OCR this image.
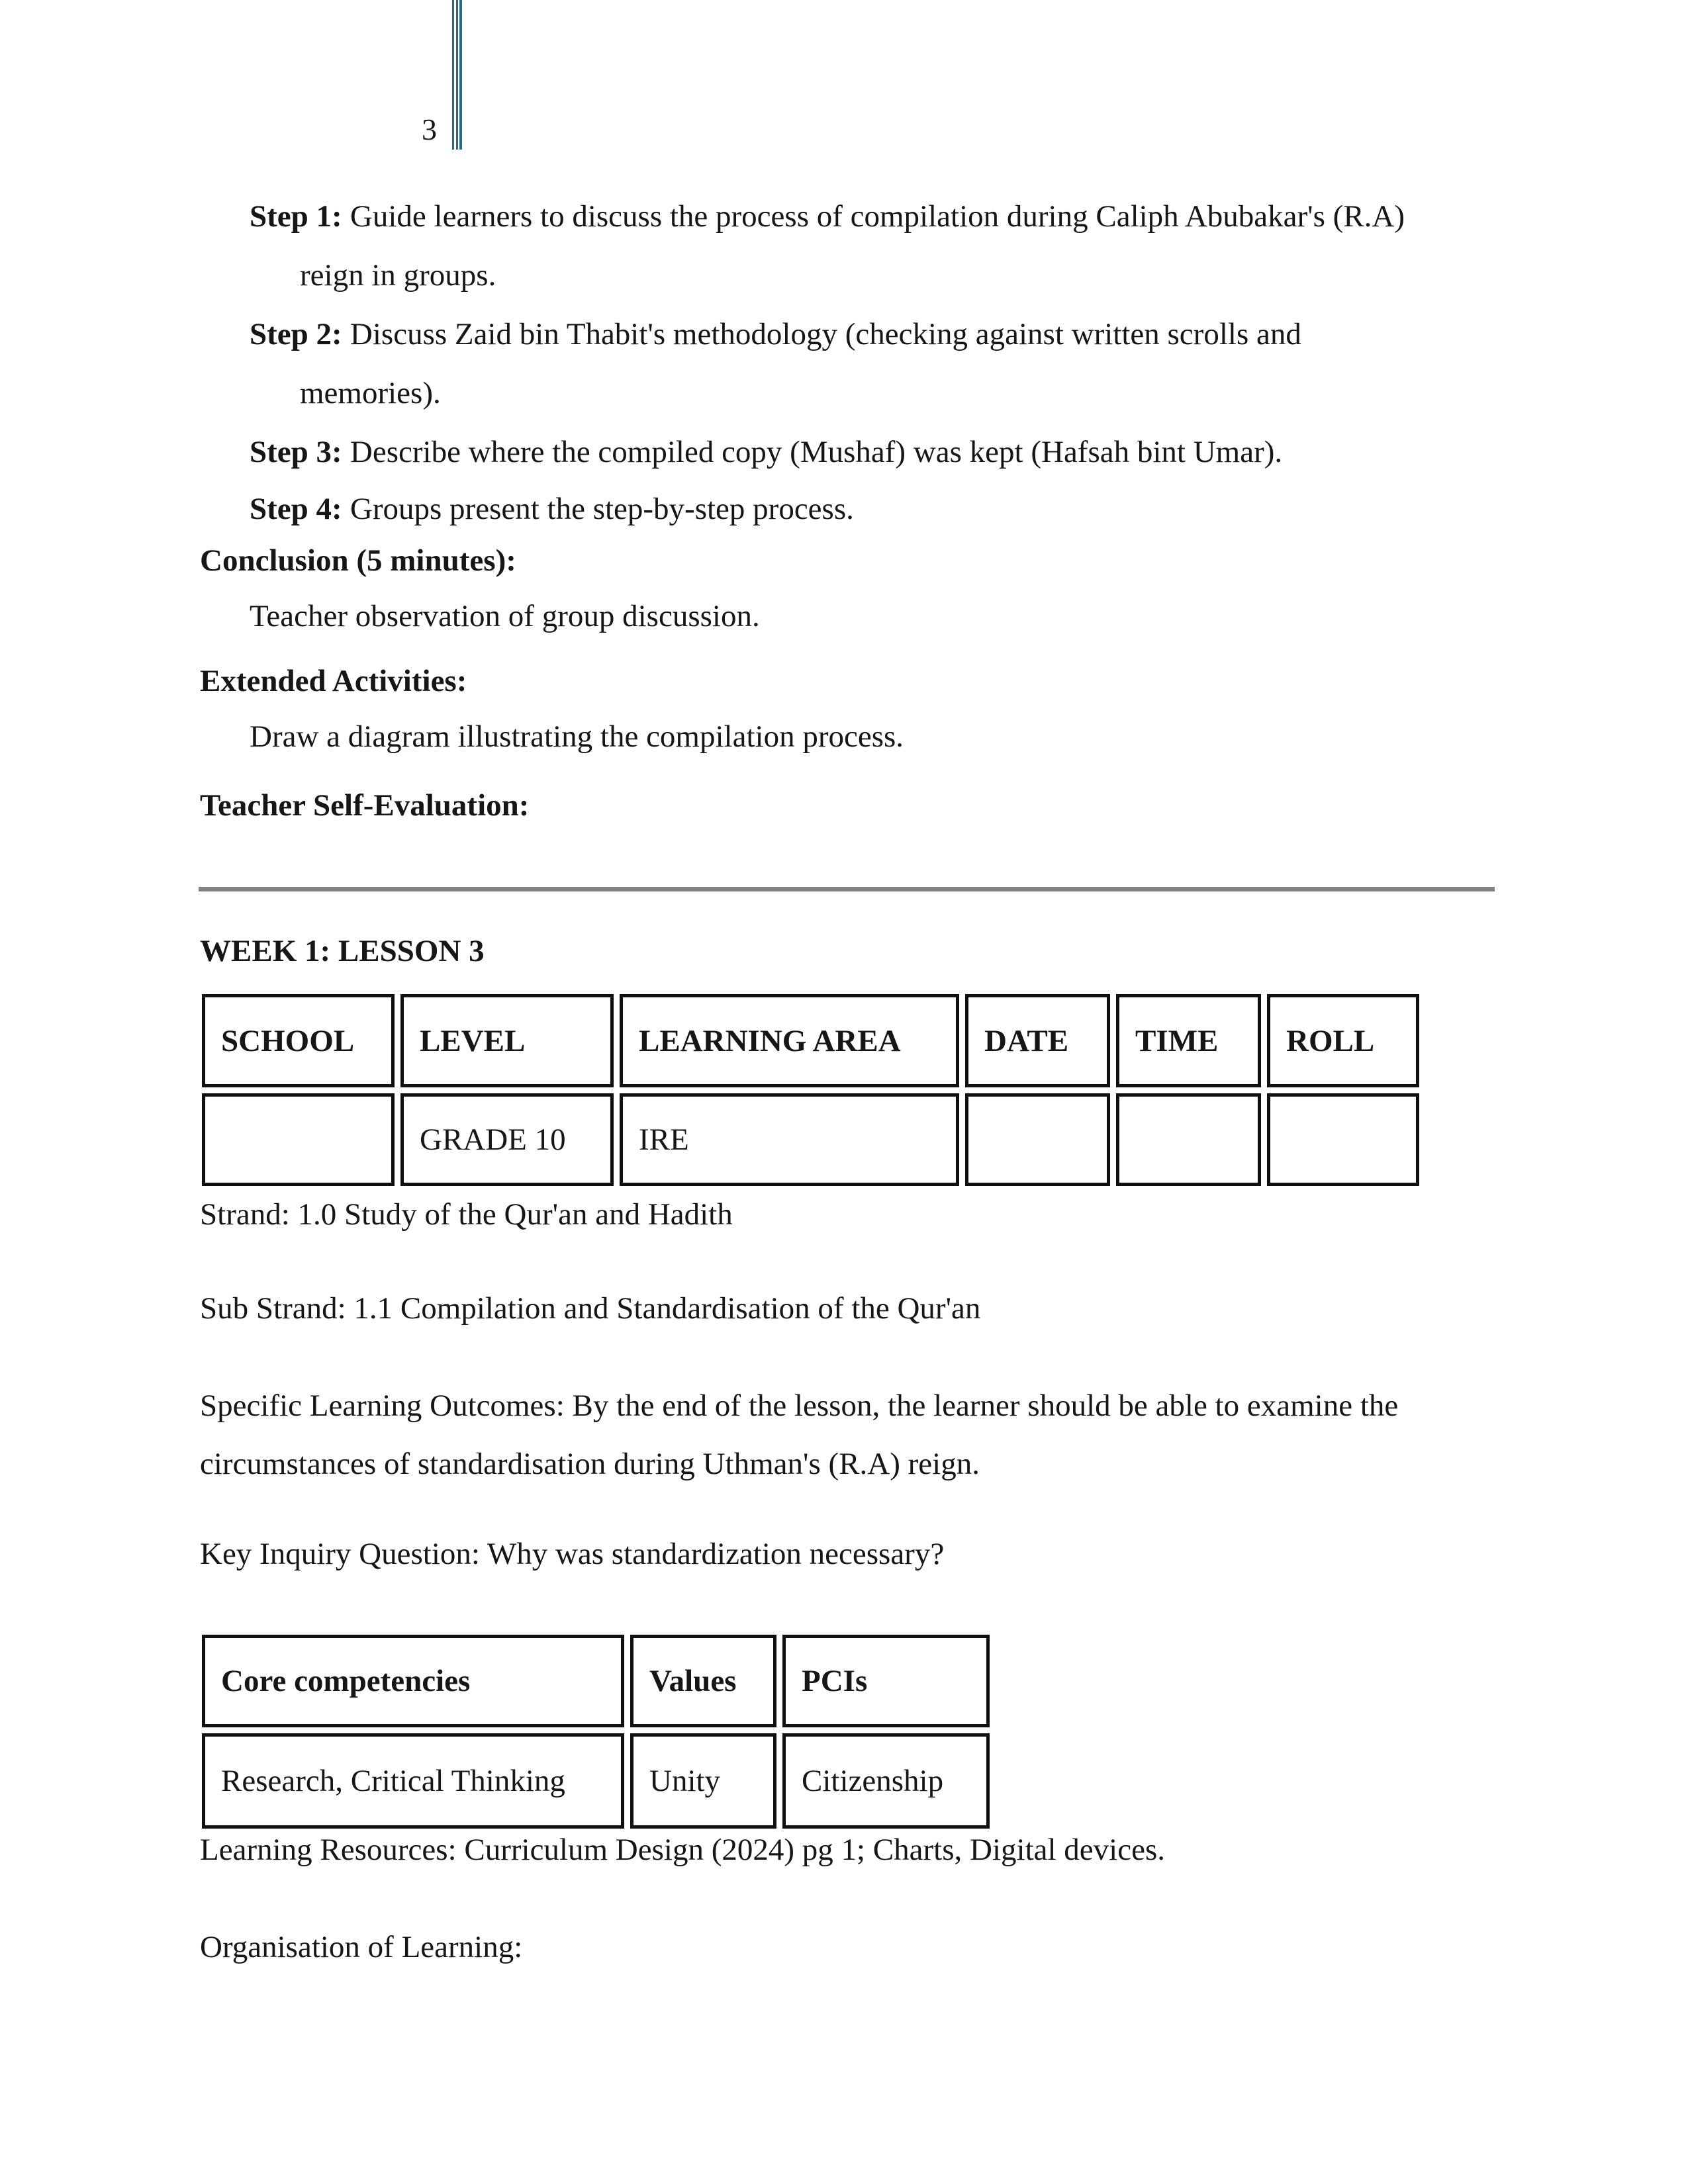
3
Step 1: Guide learners to discuss the process of compilation during Caliph Abubakar's (R.A)
reign in groups.
Step 2: Discuss Zaid bin Thabit's methodology (checking against written scrolls and
memories).
Step 3: Describe where the compiled copy (Mushaf) was kept (Hafsah bint Umar).
Step 4: Groups present the step-by-step process.
Conclusion (5 minutes):
Teacher observation of group discussion.
Extended Activities:
Draw a diagram illustrating the compilation process.
Teacher Self-Evaluation:
WEEK 1: LESSON 3
SCHOOL	LEVEL	LEARNING AREA	DATE	TIME	ROLL
	GRADE 10	IRE			
Strand: 1.0 Study of the Qur'an and Hadith
Sub Strand: 1.1 Compilation and Standardisation of the Qur'an
Specific Learning Outcomes: By the end of the lesson, the learner should be able to examine the
circumstances of standardisation during Uthman's (R.A) reign.
Key Inquiry Question: Why was standardization necessary?
Core competencies	Values	PCIs
Research, Critical Thinking	Unity	Citizenship
Learning Resources: Curriculum Design (2024) pg 1; Charts, Digital devices.
Organisation of Learning:
